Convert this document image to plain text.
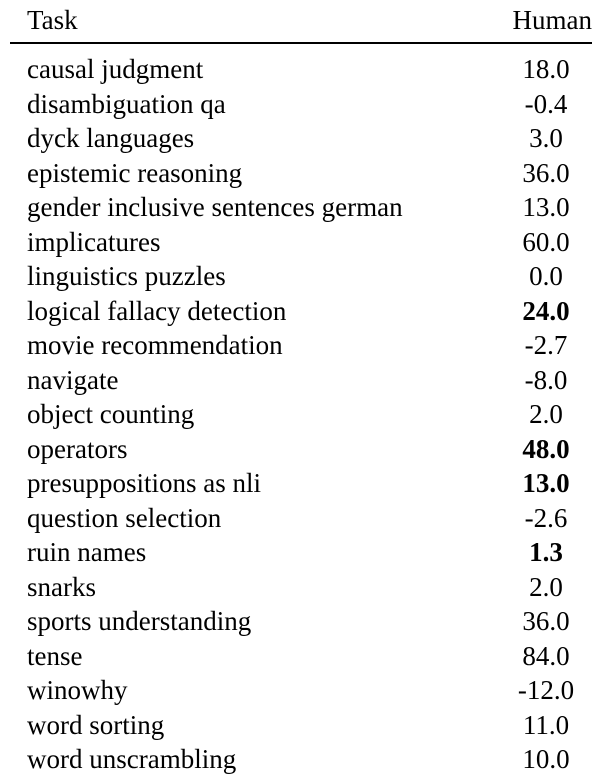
Task	Human
causal judgment	18.0
disambiguation qa	-0.4
dyck languages	3.0
epistemic reasoning	36.0
gender inclusive sentences german	13.0
implicatures	60.0
linguistics puzzles	0.0
logical fallacy detection	24.0
movie recommendation	-2.7
navigate	-8.0
object counting	2.0
operators	48.0
presuppositions as nli	13.0
question selection	-2.6
ruin names	1.3
snarks	2.0
sports understanding	36.0
tense	84.0
winowhy	-12.0
word sorting	11.0
word unscrambling	10.0
